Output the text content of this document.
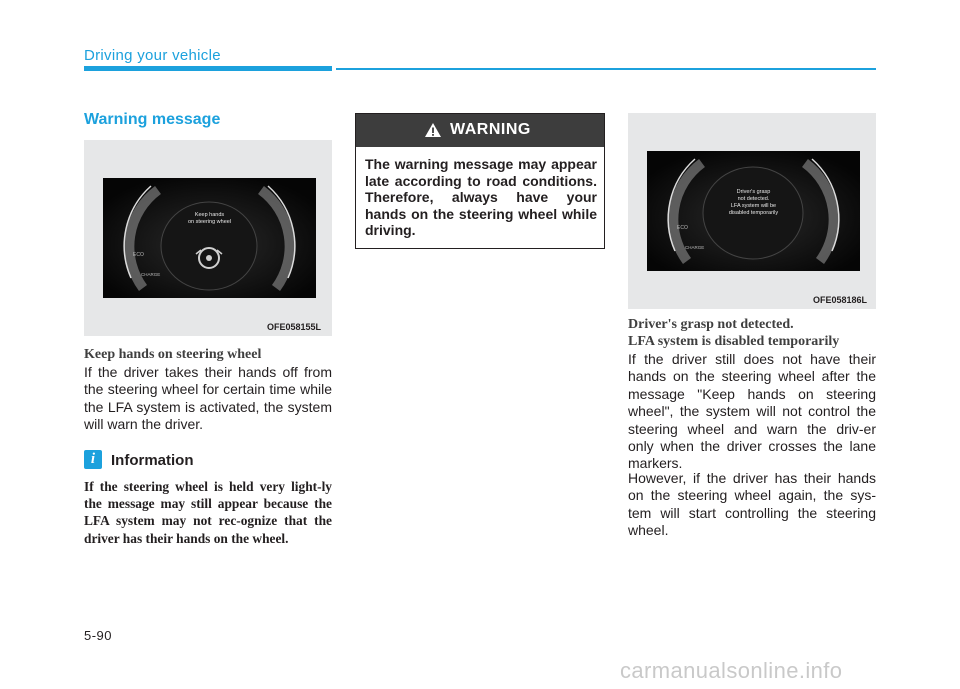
Driving your vehicle
Warning message
ECO
CHARGE
Keep hands
on steering wheel
OFE058155L
Keep hands on steering wheel
If the driver takes their hands off from the steering wheel for certain time while the LFA system is activated, the system will warn the driver.
i	Information
If the steering wheel is held very light-ly the message may still appear because the LFA system may not rec-ognize that the driver has their hands on the wheel.
WARNING
The warning message may appear late according to road conditions. Therefore, always have your hands on the steering wheel while driving.	ECO
CHARGE
Driver's grasp
not detected.
LFA system will be
disabled temporarily
OFE058186L
Driver's grasp not detected.
LFA system is disabled temporarily
If the driver still does not have their hands on the steering wheel after the message "Keep hands on steering wheel", the system will not control the steering wheel and warn the driv-er only when the driver crosses the lane markers.
However, if the driver has their hands on the steering wheel again, the sys-tem will start controlling the steering wheel.
5-90
carmanualsonline.info
